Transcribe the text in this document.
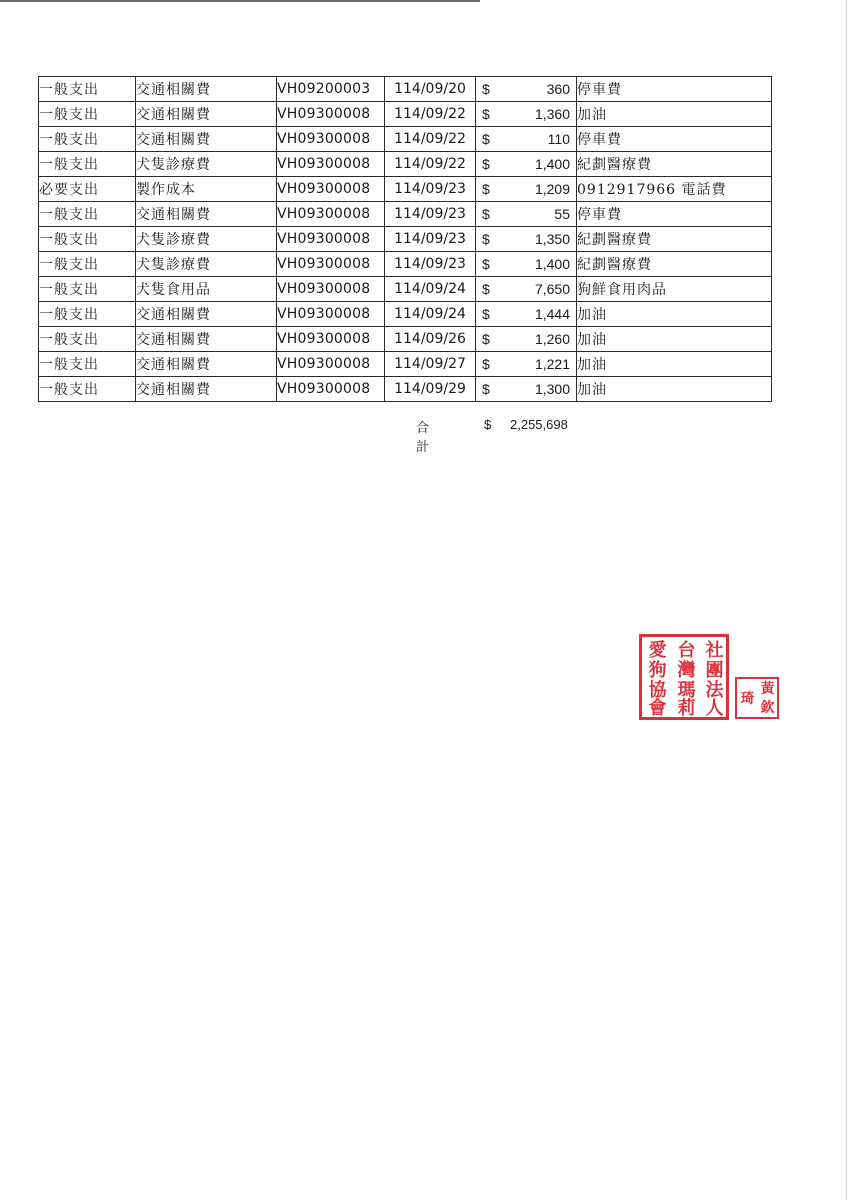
一般支出	交通相關費	VH09200003	114/09/20	$ 360	停車費
一般支出	交通相關費	VH09300008	114/09/22	$ 1,360	加油
一般支出	交通相關費	VH09300008	114/09/22	$ 110	停車費
一般支出	犬隻診療費	VH09300008	114/09/22	$ 1,400	紀劃醫療費
必要支出	製作成本	VH09300008	114/09/23	$ 1,209	0912917966 電話費
一般支出	交通相關費	VH09300008	114/09/23	$ 55	停車費
一般支出	犬隻診療費	VH09300008	114/09/23	$ 1,350	紀劃醫療費
一般支出	犬隻診療費	VH09300008	114/09/23	$ 1,400	紀劃醫療費
一般支出	犬隻食用品	VH09300008	114/09/24	$ 7,650	狗鮮食用肉品
一般支出	交通相關費	VH09300008	114/09/24	$ 1,444	加油
一般支出	交通相關費	VH09300008	114/09/26	$ 1,260	加油
一般支出	交通相關費	VH09300008	114/09/27	$ 1,221	加油
一般支出	交通相關費	VH09300008	114/09/29	$ 1,300	加油
合計
$ 2,255,698
社
團
法
人
台
灣
瑪
莉
愛
狗
協
會
黃
欽
琦
